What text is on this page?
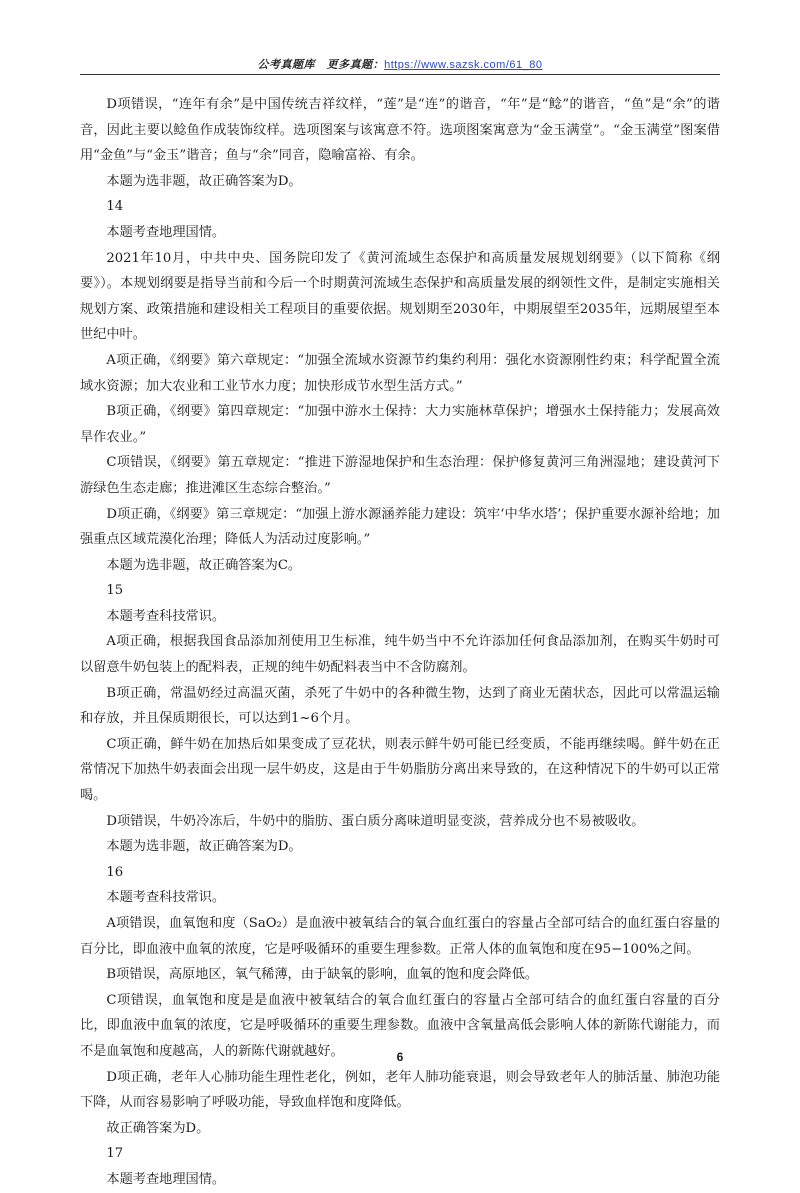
公考真题库 更多真题：https://www.sazsk.com/61_80

D项错误，“连年有余”是中国传统吉祥纹样，“莲”是“连”的谐音，“年”是“鲶”的谐音，“鱼”是“余”的谐音，因此主要以鲶鱼作成装饰纹样。选项图案与该寓意不符。选项图案寓意为“金玉满堂”。“金玉满堂”图案借用“金鱼”与“金玉”谐音；鱼与“余”同音，隐喻富裕、有余。

本题为选非题，故正确答案为D。

14

本题考查地理国情。

2021年10月，中共中央、国务院印发了《黄河流域生态保护和高质量发展规划纲要》（以下简称《纲要》）。本规划纲要是指导当前和今后一个时期黄河流域生态保护和高质量发展的纲领性文件，是制定实施相关规划方案、政策措施和建设相关工程项目的重要依据。规划期至2030年，中期展望至2035年，远期展望至本世纪中叶。

A项正确，《纲要》第六章规定：“加强全流域水资源节约集约利用：强化水资源刚性约束；科学配置全流域水资源；加大农业和工业节水力度；加快形成节水型生活方式。”

B项正确，《纲要》第四章规定：“加强中游水土保持：大力实施林草保护；增强水土保持能力；发展高效旱作农业。”

C项错误，《纲要》第五章规定：“推进下游湿地保护和生态治理：保护修复黄河三角洲湿地；建设黄河下游绿色生态走廊；推进滩区生态综合整治。”

D项正确，《纲要》第三章规定：“加强上游水源涵养能力建设：筑牢‘中华水塔’；保护重要水源补给地；加强重点区域荒漠化治理；降低人为活动过度影响。”

本题为选非题，故正确答案为C。

15

本题考查科技常识。

A项正确，根据我国食品添加剂使用卫生标准，纯牛奶当中不允许添加任何食品添加剂，在购买牛奶时可以留意牛奶包装上的配料表，正规的纯牛奶配料表当中不含防腐剂。

B项正确，常温奶经过高温灭菌，杀死了牛奶中的各种微生物，达到了商业无菌状态，因此可以常温运输和存放，并且保质期很长，可以达到1~6个月。

C项正确，鲜牛奶在加热后如果变成了豆花状，则表示鲜牛奶可能已经变质，不能再继续喝。鲜牛奶在正常情况下加热牛奶表面会出现一层牛奶皮，这是由于牛奶脂肪分离出来导致的，在这种情况下的牛奶可以正常喝。

D项错误，牛奶冷冻后，牛奶中的脂肪、蛋白质分离味道明显变淡，营养成分也不易被吸收。

本题为选非题，故正确答案为D。

16

本题考查科技常识。

A项错误，血氧饱和度（SaO₂）是血液中被氧结合的氧合血红蛋白的容量占全部可结合的血红蛋白容量的百分比，即血液中血氧的浓度，它是呼吸循环的重要生理参数。正常人体的血氧饱和度在95−100%之间。

B项错误，高原地区，氧气稀薄，由于缺氧的影响，血氧的饱和度会降低。

C项错误，血氧饱和度是是血液中被氧结合的氧合血红蛋白的容量占全部可结合的血红蛋白容量的百分比，即血液中血氧的浓度，它是呼吸循环的重要生理参数。血液中含氧量高低会影响人体的新陈代谢能力，而不是血氧饱和度越高，人的新陈代谢就越好。

D项正确，老年人心肺功能生理性老化，例如，老年人肺功能衰退，则会导致老年人的肺活量、肺泡功能下降，从而容易影响了呼吸功能，导致血样饱和度降低。

故正确答案为D。

17

本题考查地理国情。

6
